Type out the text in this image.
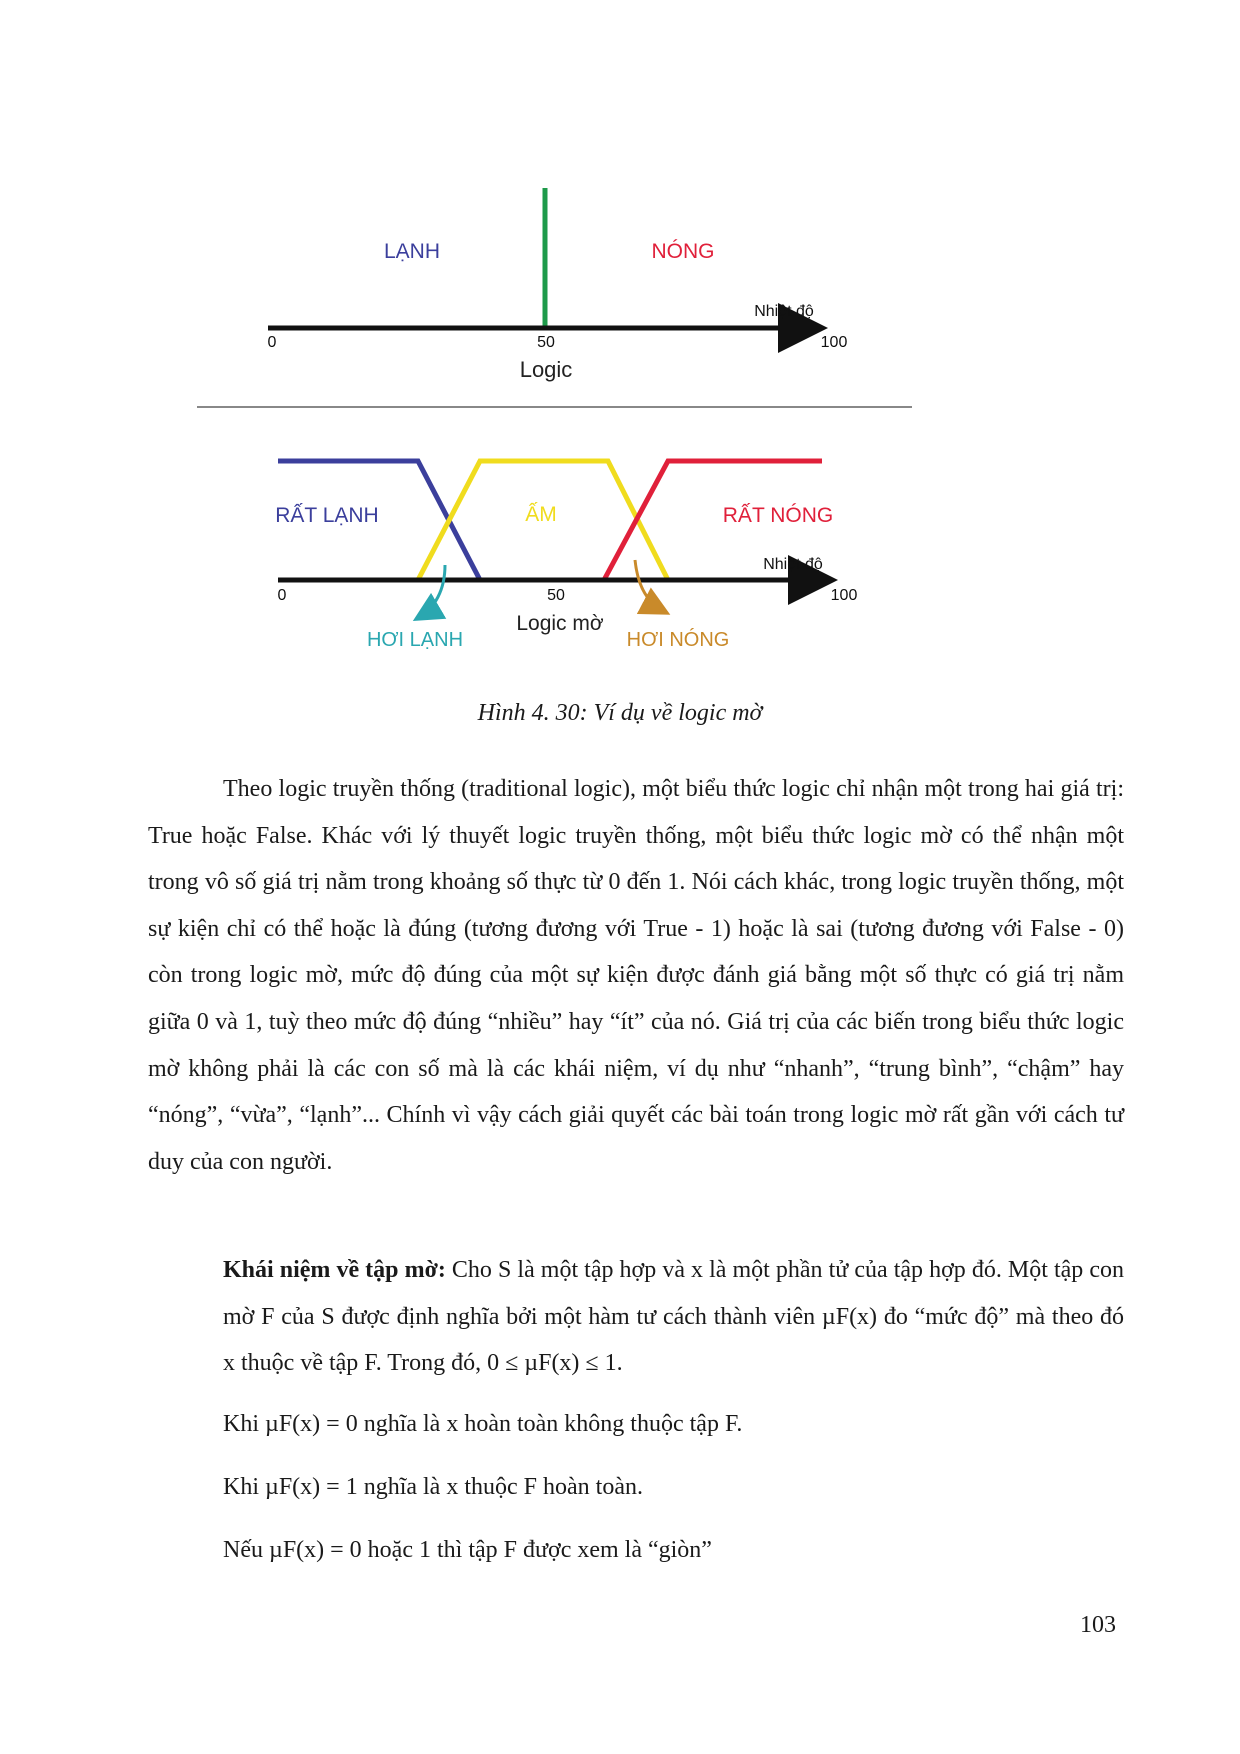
LẠNH	NÓNG
Nhiệt độ
0	50	100
Logic
RẤT LẠNH	ẤM	RẤT NÓNG
Nhiệt độ
0	50	100
Logic mờ
HƠI LẠNH	HƠI NÓNG
Hình 4. 30: Ví dụ về logic mờ
Theo logic truyền thống (traditional logic), một biểu thức logic chỉ nhận một trong hai giá trị: True hoặc False. Khác với lý thuyết logic truyền thống, một biểu thức logic mờ có thể nhận một trong vô số giá trị nằm trong khoảng số thực từ 0 đến 1. Nói cách khác, trong logic truyền thống, một sự kiện chỉ có thể hoặc là đúng (tương đương với True - 1) hoặc là sai (tương đương với False - 0) còn trong logic mờ, mức độ đúng của một sự kiện được đánh giá bằng một số thực có giá trị nằm giữa 0 và 1, tuỳ theo mức độ đúng “nhiều” hay “ít” của nó. Giá trị của các biến trong biểu thức logic mờ không phải là các con số mà là các khái niệm, ví dụ như “nhanh”, “trung bình”, “chậm” hay “nóng”, “vừa”, “lạnh”... Chính vì vậy cách giải quyết các bài toán trong logic mờ rất gần với cách tư duy của con người.
Khái niệm về tập mờ: Cho S là một tập hợp và x là một phần tử của tập hợp đó. Một tập con mờ F của S được định nghĩa bởi một hàm tư cách thành viên µF(x) đo “mức độ” mà theo đó x thuộc về tập F. Trong đó, 0 ≤ µF(x) ≤ 1.
Khi µF(x) = 0 nghĩa là x hoàn toàn không thuộc tập F.
Khi µF(x) = 1 nghĩa là x thuộc F hoàn toàn.
Nếu µF(x) = 0 hoặc 1 thì tập F được xem là “giòn”
103
